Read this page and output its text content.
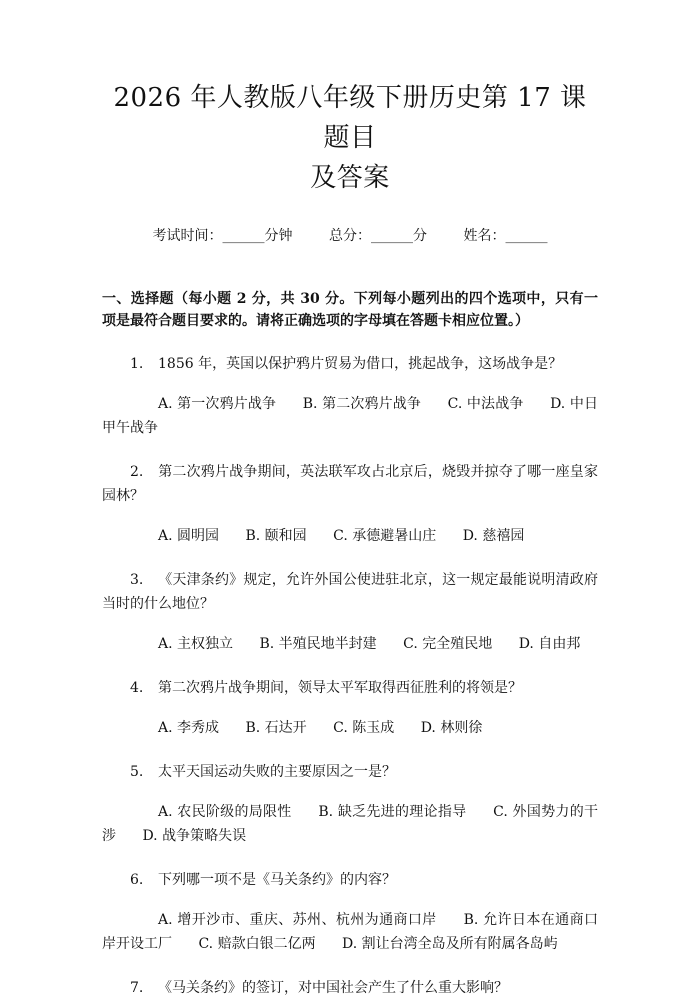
2026 年人教版八年级下册历史第 17 课题目
及答案
考试时间：______分钟	总分：______分	姓名：______
一、选择题（每小题 2 分，共 30 分。下列每小题列出的四个选项中，只有一项是最符合题目要求的。请将正确选项的字母填在答题卡相应位置。）
1. 1856 年，英国以保护鸦片贸易为借口，挑起战争，这场战争是？
A. 第一次鸦片战争 B. 第二次鸦片战争 C. 中法战争 D. 中日甲午战争
2. 第二次鸦片战争期间，英法联军攻占北京后，烧毁并掠夺了哪一座皇家园林？
A. 圆明园 B. 颐和园 C. 承德避暑山庄 D. 慈禧园
3. 《天津条约》规定，允许外国公使进驻北京，这一规定最能说明清政府当时的什么地位？
A. 主权独立 B. 半殖民地半封建 C. 完全殖民地 D. 自由邦
4. 第二次鸦片战争期间，领导太平军取得西征胜利的将领是？
A. 李秀成 B. 石达开 C. 陈玉成 D. 林则徐
5. 太平天国运动失败的主要原因之一是？
A. 农民阶级的局限性 B. 缺乏先进的理论指导 C. 外国势力的干涉 D. 战争策略失误
6. 下列哪一项不是《马关条约》的内容？
A. 增开沙市、重庆、苏州、杭州为通商口岸 B. 允许日本在通商口岸开设工厂 C. 赔款白银二亿两 D. 割让台湾全岛及所有附属各岛屿
7. 《马关条约》的签订，对中国社会产生了什么重大影响？
